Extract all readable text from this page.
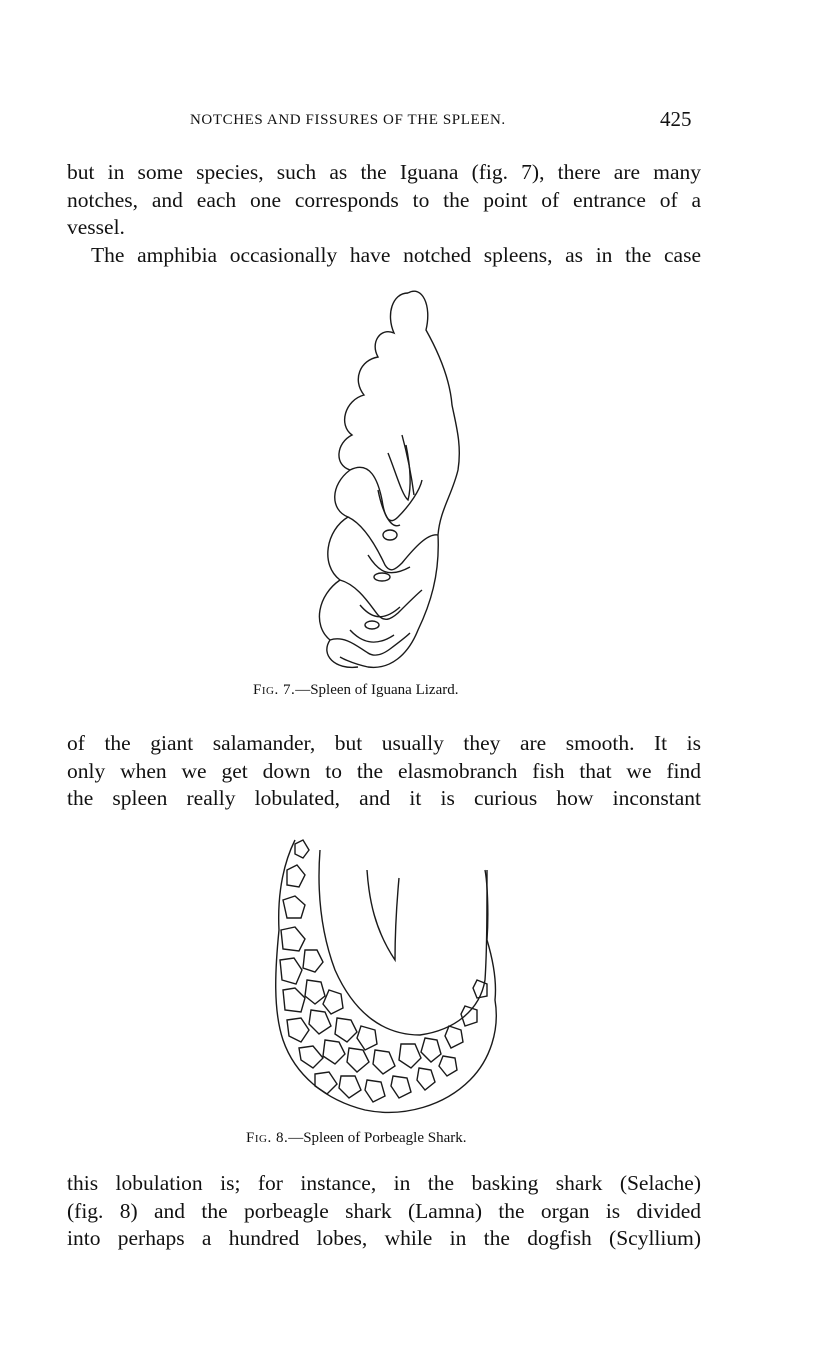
NOTCHES AND FISSURES OF THE SPLEEN.	425

but in some species, such as the Iguana (fig. 7), there are many
notches, and each one corresponds to the point of entrance of a
vessel.

The amphibia occasionally have notched spleens, as in the case

Fig. 7.—Spleen of Iguana Lizard.

of the giant salamander, but usually they are smooth. It is
only when we get down to the elasmobranch fish that we find
the spleen really lobulated, and it is curious how inconstant

Fig. 8.—Spleen of Porbeagle Shark.

this lobulation is; for instance, in the basking shark (Selache)
(fig. 8) and the porbeagle shark (Lamna) the organ is divided
into perhaps a hundred lobes, while in the dogfish (Scyllium)
